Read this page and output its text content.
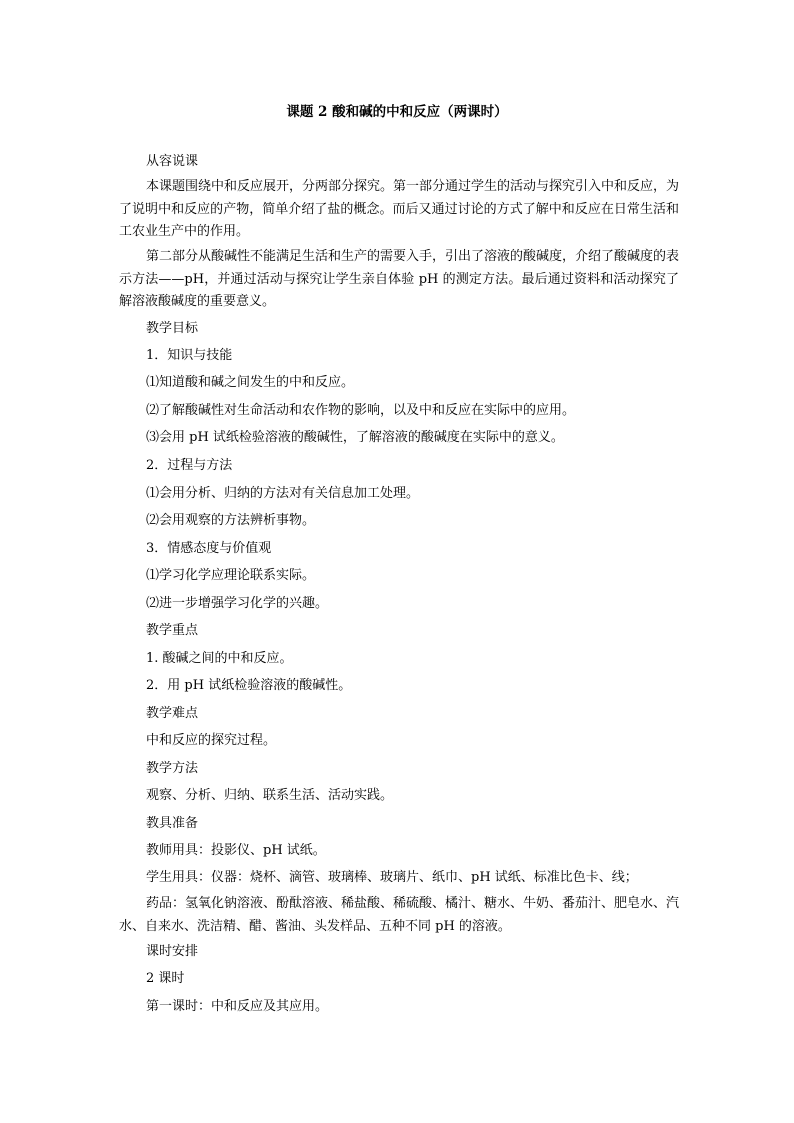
课题 2 酸和碱的中和反应（两课时）
从容说课
本课题围绕中和反应展开，分两部分探究。第一部分通过学生的活动与探究引入中和反应，为了说明中和反应的产物，简单介绍了盐的概念。而后又通过讨论的方式了解中和反应在日常生活和工农业生产中的作用。
第二部分从酸碱性不能满足生活和生产的需要入手，引出了溶液的酸碱度，介绍了酸碱度的表示方法——pH，并通过活动与探究让学生亲自体验 pH 的测定方法。最后通过资料和活动探究了解溶液酸碱度的重要意义。
教学目标
1．知识与技能
⑴知道酸和碱之间发生的中和反应。
⑵了解酸碱性对生命活动和农作物的影响，以及中和反应在实际中的应用。
⑶会用 pH 试纸检验溶液的酸碱性，了解溶液的酸碱度在实际中的意义。
2．过程与方法
⑴会用分析、归纳的方法对有关信息加工处理。
⑵会用观察的方法辨析事物。
3．情感态度与价值观
⑴学习化学应理论联系实际。
⑵进一步增强学习化学的兴趣。
教学重点
1. 酸碱之间的中和反应。
2．用 pH 试纸检验溶液的酸碱性。
教学难点
中和反应的探究过程。
教学方法
观察、分析、归纳、联系生活、活动实践。
教具准备
教师用具：投影仪、pH 试纸。
学生用具：仪器：烧杯、滴管、玻璃棒、玻璃片、纸巾、pH 试纸、标准比色卡、线；
药品：氢氧化钠溶液、酚酞溶液、稀盐酸、稀硫酸、橘汁、糖水、牛奶、番茄汁、肥皂水、汽水、自来水、洗洁精、醋、酱油、头发样品、五种不同 pH 的溶液。
课时安排
2 课时
第一课时：中和反应及其应用。
